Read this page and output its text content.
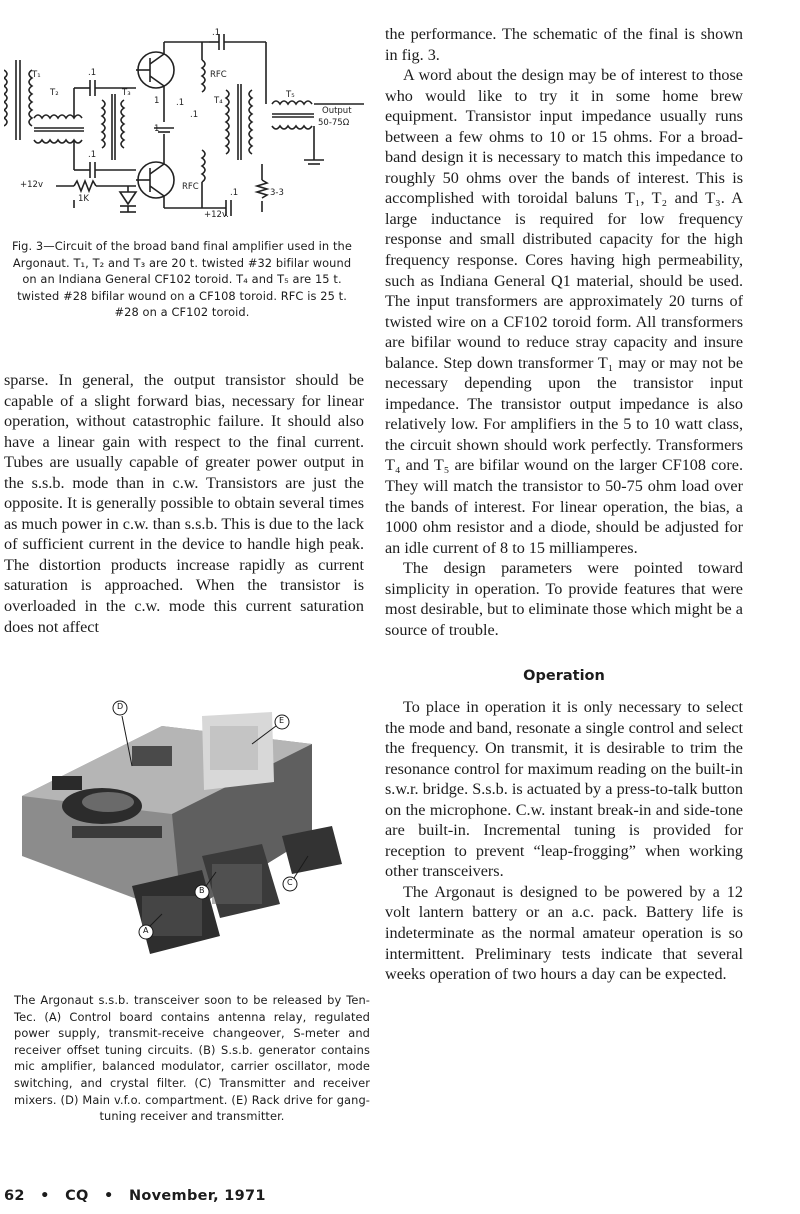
T₁
T₂	T₃
T₄
T₅
.1
.1
.1
.1
.1
.1
RFC
RFC
1
1
Output
50-75Ω
+12v
+12v.
1K
3-3
Fig. 3—Circuit of the broad band final amplifier used in the Argonaut. T₁, T₂ and T₃ are 20 t. twisted #32 bifilar wound on an Indiana General CF102 toroid. T₄ and T₅ are 15 t. twisted #28 bifilar wound on a CF108 toroid. RFC is 25 t. #28 on a CF102 toroid.

sparse. In general, the output transistor should be capable of a slight forward bias, necessary for linear operation, without catastrophic failure. It should also have a linear gain with respect to the final current. Tubes are usually capable of greater power output in the s.s.b. mode than in c.w. Transistors are just the opposite. It is generally possible to obtain several times as much power in c.w. than s.s.b. This is due to the lack of sufficient current in the device to handle high peak. The distortion products increase rapidly as current saturation is approached. When the transistor is overloaded in the c.w. mode this current saturation does not affect

D
E
C
B
A
The Argonaut s.s.b. transceiver soon to be released by Ten-Tec. (A) Control board contains antenna relay, regulated power supply, transmit-receive changeover, S-meter and receiver offset tuning circuits. (B) S.s.b. generator contains mic amplifier, balanced modulator, carrier oscillator, mode switching, and crystal filter. (C) Transmitter and receiver mixers. (D) Main v.f.o. compartment. (E) Rack drive for gang-tuning receiver and transmitter.

the performance. The schematic of the final is shown in fig. 3.

A word about the design may be of interest to those who would like to try it in some home brew equipment. Transistor input impedance usually runs between a few ohms to 10 or 15 ohms. For a broad-band design it is necessary to match this impedance to roughly 50 ohms over the bands of interest. This is accomplished with toroidal baluns T₁, T₂ and T₃. A large inductance is required for low frequency response and small distributed capacity for the high frequency response. Cores having high permeability, such as Indiana General Q1 material, should be used. The input transformers are approximately 20 turns of twisted wire on a CF102 toroid form. All transformers are bifilar wound to reduce stray capacity and insure balance. Step down transformer T₁ may or may not be necessary depending upon the transistor input impedance. The transistor output impedance is also relatively low. For amplifiers in the 5 to 10 watt class, the circuit shown should work perfectly. Transformers T₄ and T₅ are bifilar wound on the larger CF108 core. They will match the transistor to 50-75 ohm load over the bands of interest. For linear operation, the bias, a 1000 ohm resistor and a diode, should be adjusted for an idle current of 8 to 15 milliamperes.

The design parameters were pointed toward simplicity in operation. To provide features that were most desirable, but to eliminate those which might be a source of trouble.

Operation

To place in operation it is only necessary to select the mode and band, resonate a single control and select the frequency. On transmit, it is desirable to trim the resonance control for maximum reading on the built-in s.w.r. bridge. S.s.b. is actuated by a press-to-talk button on the microphone. C.w. instant break-in and side-tone are built-in. Incremental tuning is provided for reception to prevent “leap-frogging” when working other transceivers.

The Argonaut is designed to be powered by a 12 volt lantern battery or an a.c. pack. Battery life is indeterminate as the normal amateur operation is so intermittent. Preliminary tests indicate that several weeks operation of two hours a day can be expected.

62 • CQ • November, 1971
